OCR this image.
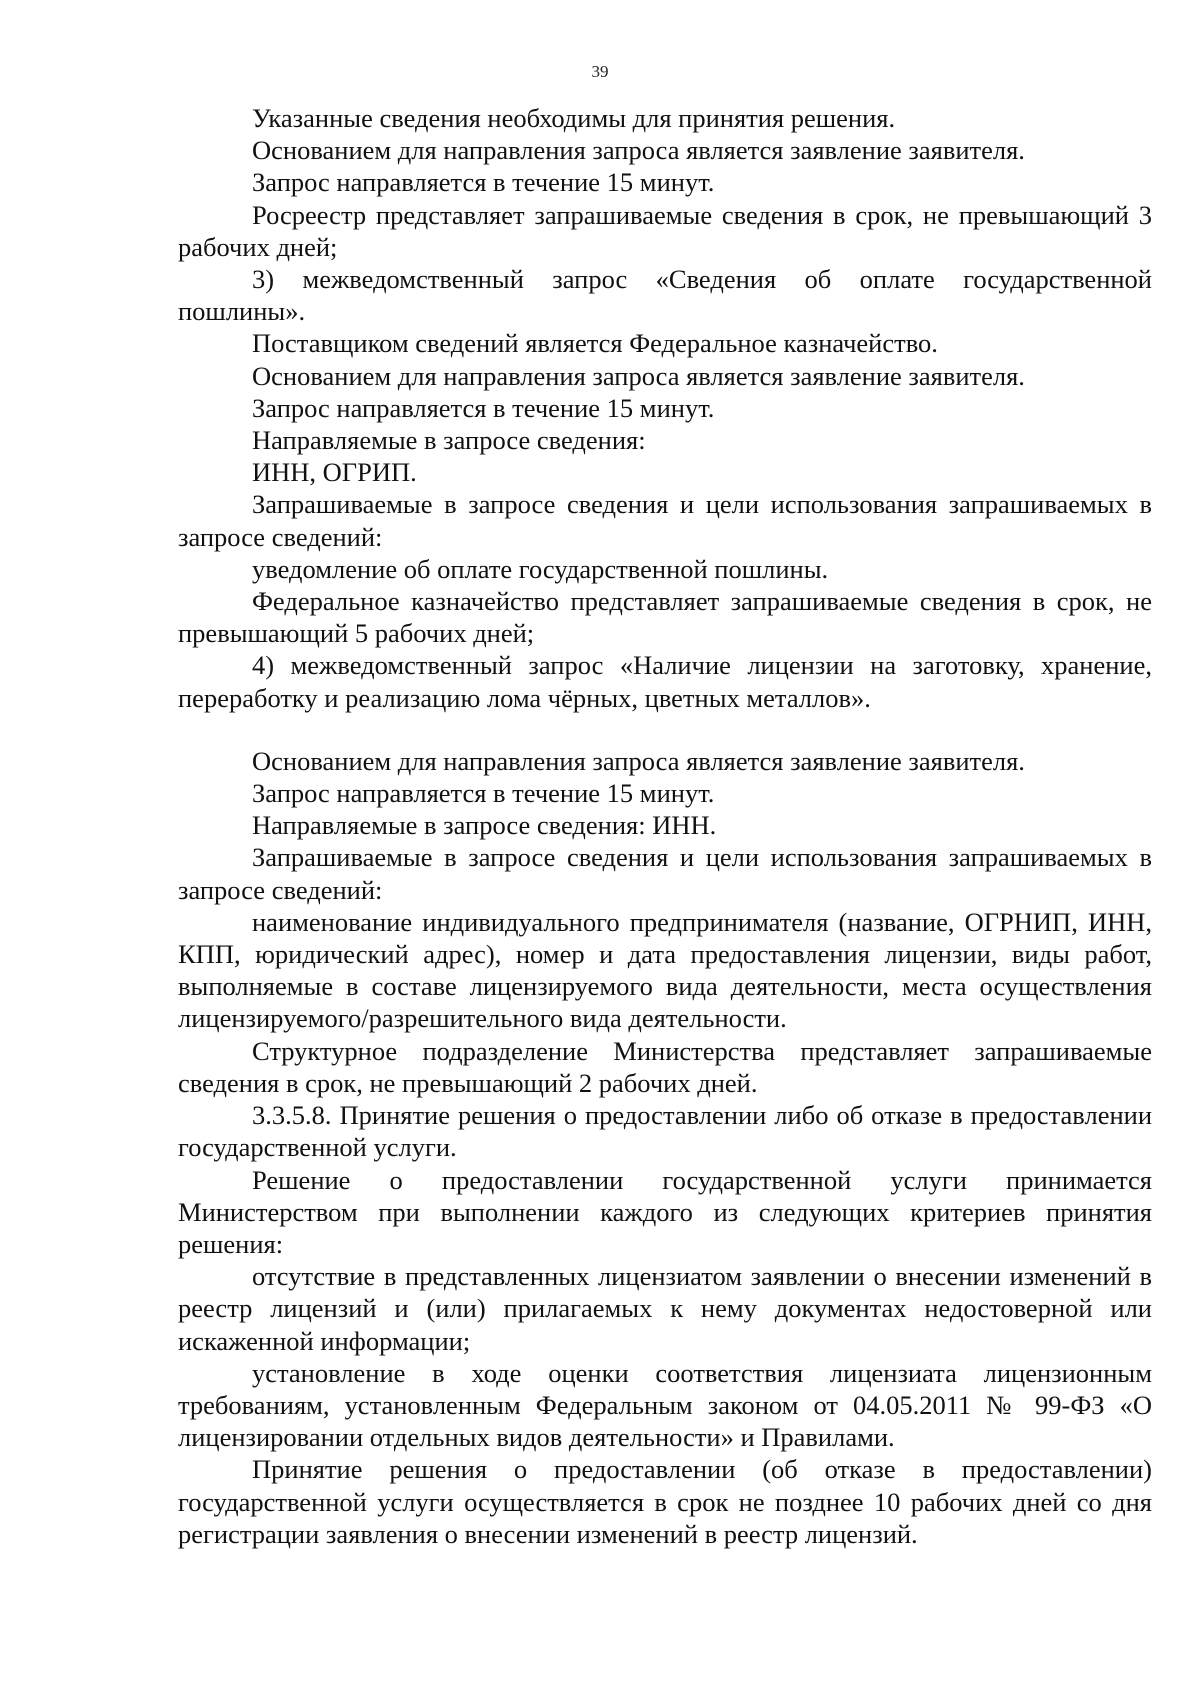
39

Указанные сведения необходимы для принятия решения.

Основанием для направления запроса является заявление заявителя.

Запрос направляется в течение 15 минут.

Росреестр представляет запрашиваемые сведения в срок, не превышающий 3 рабочих дней;

3) межведомственный запрос «Сведения об оплате государственной пошлины».

Поставщиком сведений является Федеральное казначейство.

Основанием для направления запроса является заявление заявителя.

Запрос направляется в течение 15 минут.

Направляемые в запросе сведения:

ИНН, ОГРИП.

Запрашиваемые в запросе сведения и цели использования запрашиваемых в запросе сведений:

уведомление об оплате государственной пошлины.

Федеральное казначейство представляет запрашиваемые сведения в срок, не превышающий 5 рабочих дней;

4) межведомственный запрос «Наличие лицензии на заготовку, хранение, переработку и реализацию лома чёрных, цветных металлов».

Основанием для направления запроса является заявление заявителя.

Запрос направляется в течение 15 минут.

Направляемые в запросе сведения: ИНН.

Запрашиваемые в запросе сведения и цели использования запрашиваемых в запросе сведений:

наименование индивидуального предпринимателя (название, ОГРНИП, ИНН, КПП, юридический адрес), номер и дата предоставления лицензии, виды работ, выполняемые в составе лицензируемого вида деятельности, места осуществления лицензируемого/разрешительного вида деятельности.

Структурное подразделение Министерства представляет запрашиваемые сведения в срок, не превышающий 2 рабочих дней.

3.3.5.8. Принятие решения о предоставлении либо об отказе в предоставлении государственной услуги.

Решение о предоставлении государственной услуги принимается Министерством при выполнении каждого из следующих критериев принятия решения:

отсутствие в представленных лицензиатом заявлении о внесении изменений в реестр лицензий и (или) прилагаемых к нему документах недостоверной или искаженной информации;

установление в ходе оценки соответствия лицензиата лицензионным требованиям, установленным Федеральным законом от 04.05.2011 № 99-ФЗ «О лицензировании отдельных видов деятельности» и Правилами.

Принятие решения о предоставлении (об отказе в предоставлении) государственной услуги осуществляется в срок не позднее 10 рабочих дней со дня регистрации заявления о внесении изменений в реестр лицензий.
